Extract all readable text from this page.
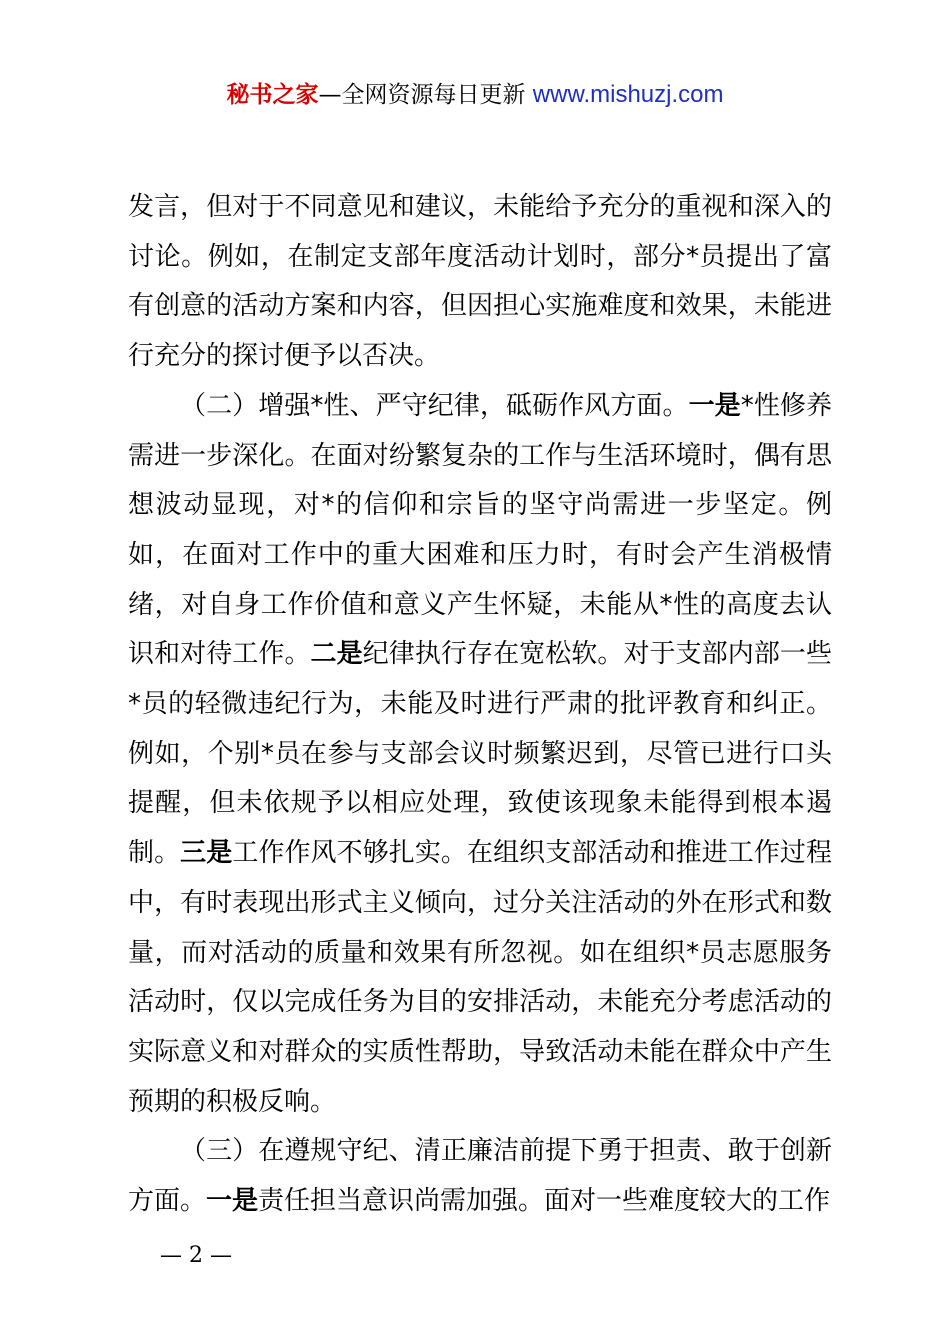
秘书之家—全网资源每日更新 www.mishuzj.com

发言，但对于不同意见和建议，未能给予充分的重视和深入的讨论。例如，在制定支部年度活动计划时，部分*员提出了富有创意的活动方案和内容，但因担心实施难度和效果，未能进行充分的探讨便予以否决。

（二）增强*性、严守纪律，砥砺作风方面。一是*性修养需进一步深化。在面对纷繁复杂的工作与生活环境时，偶有思想波动显现，对*的信仰和宗旨的坚守尚需进一步坚定。例如，在面对工作中的重大困难和压力时，有时会产生消极情绪，对自身工作价值和意义产生怀疑，未能从*性的高度去认识和对待工作。二是纪律执行存在宽松软。对于支部内部一些*员的轻微违纪行为，未能及时进行严肃的批评教育和纠正。例如，个别*员在参与支部会议时频繁迟到，尽管已进行口头提醒，但未依规予以相应处理，致使该现象未能得到根本遏制。三是工作作风不够扎实。在组织支部活动和推进工作过程中，有时表现出形式主义倾向，过分关注活动的外在形式和数量，而对活动的质量和效果有所忽视。如在组织*员志愿服务活动时，仅以完成任务为目的安排活动，未能充分考虑活动的实际意义和对群众的实质性帮助，导致活动未能在群众中产生预期的积极反响。

（三）在遵规守纪、清正廉洁前提下勇于担责、敢于创新方面。一是责任担当意识尚需加强。面对一些难度较大的工作

— 2 —
